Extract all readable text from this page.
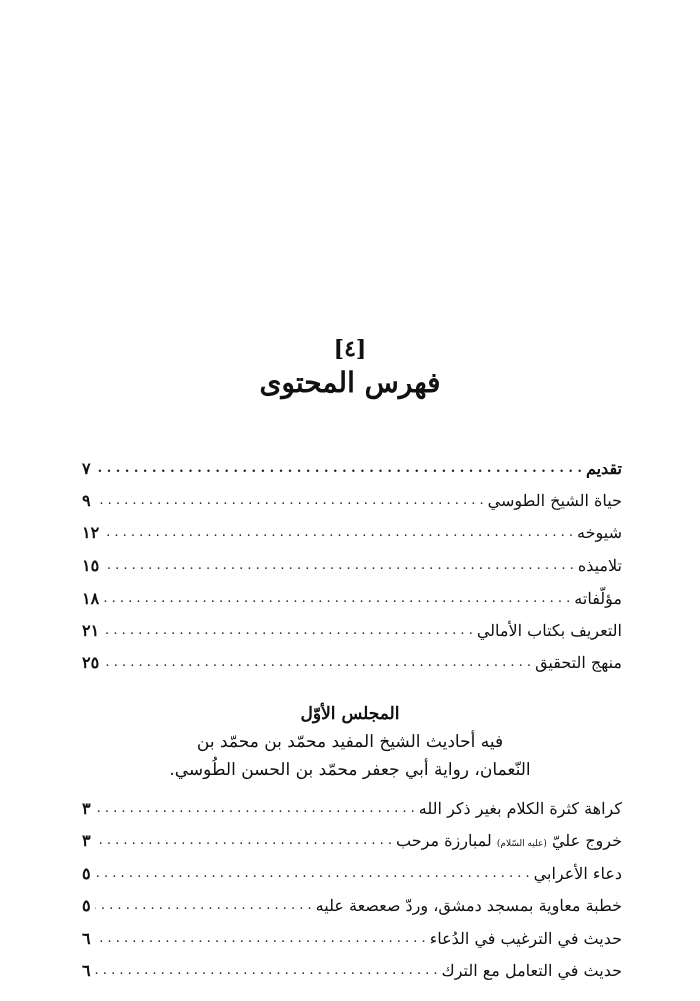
[٤]
فهرس المحتوى
تقديم
. . .
٧
حياة الشيخ الطوسي
. . .
٩
شيوخه
. . .
١٢
تلاميذه
. . .
١٥
مؤلّفاته
. . .
١٨
التعريف بكتاب الأمالي
. . .
٢١
منهج التحقيق
. . .
٢٥
المجلس الأوّل
فيه أحاديث الشيخ المفيد محمّد بن محمّد بن
النّعمان، رواية أبي جعفر محمّد بن الحسن الطُوسي.
كراهة كثرة الكلام بغير ذكر الله
. . .
٣
خروج عليّ (عليه السّلام) لمبارزة مرحب
. . .
٣
دعاء الأعرابي
. . .
٥
خطبة معاوية بمسجد دمشق، وردّ صعصعة عليه
. . .
٥
حديث في الترغيب في الدُعاء
. . .
٦
حديث في التعامل مع الترك
. . .
٦
